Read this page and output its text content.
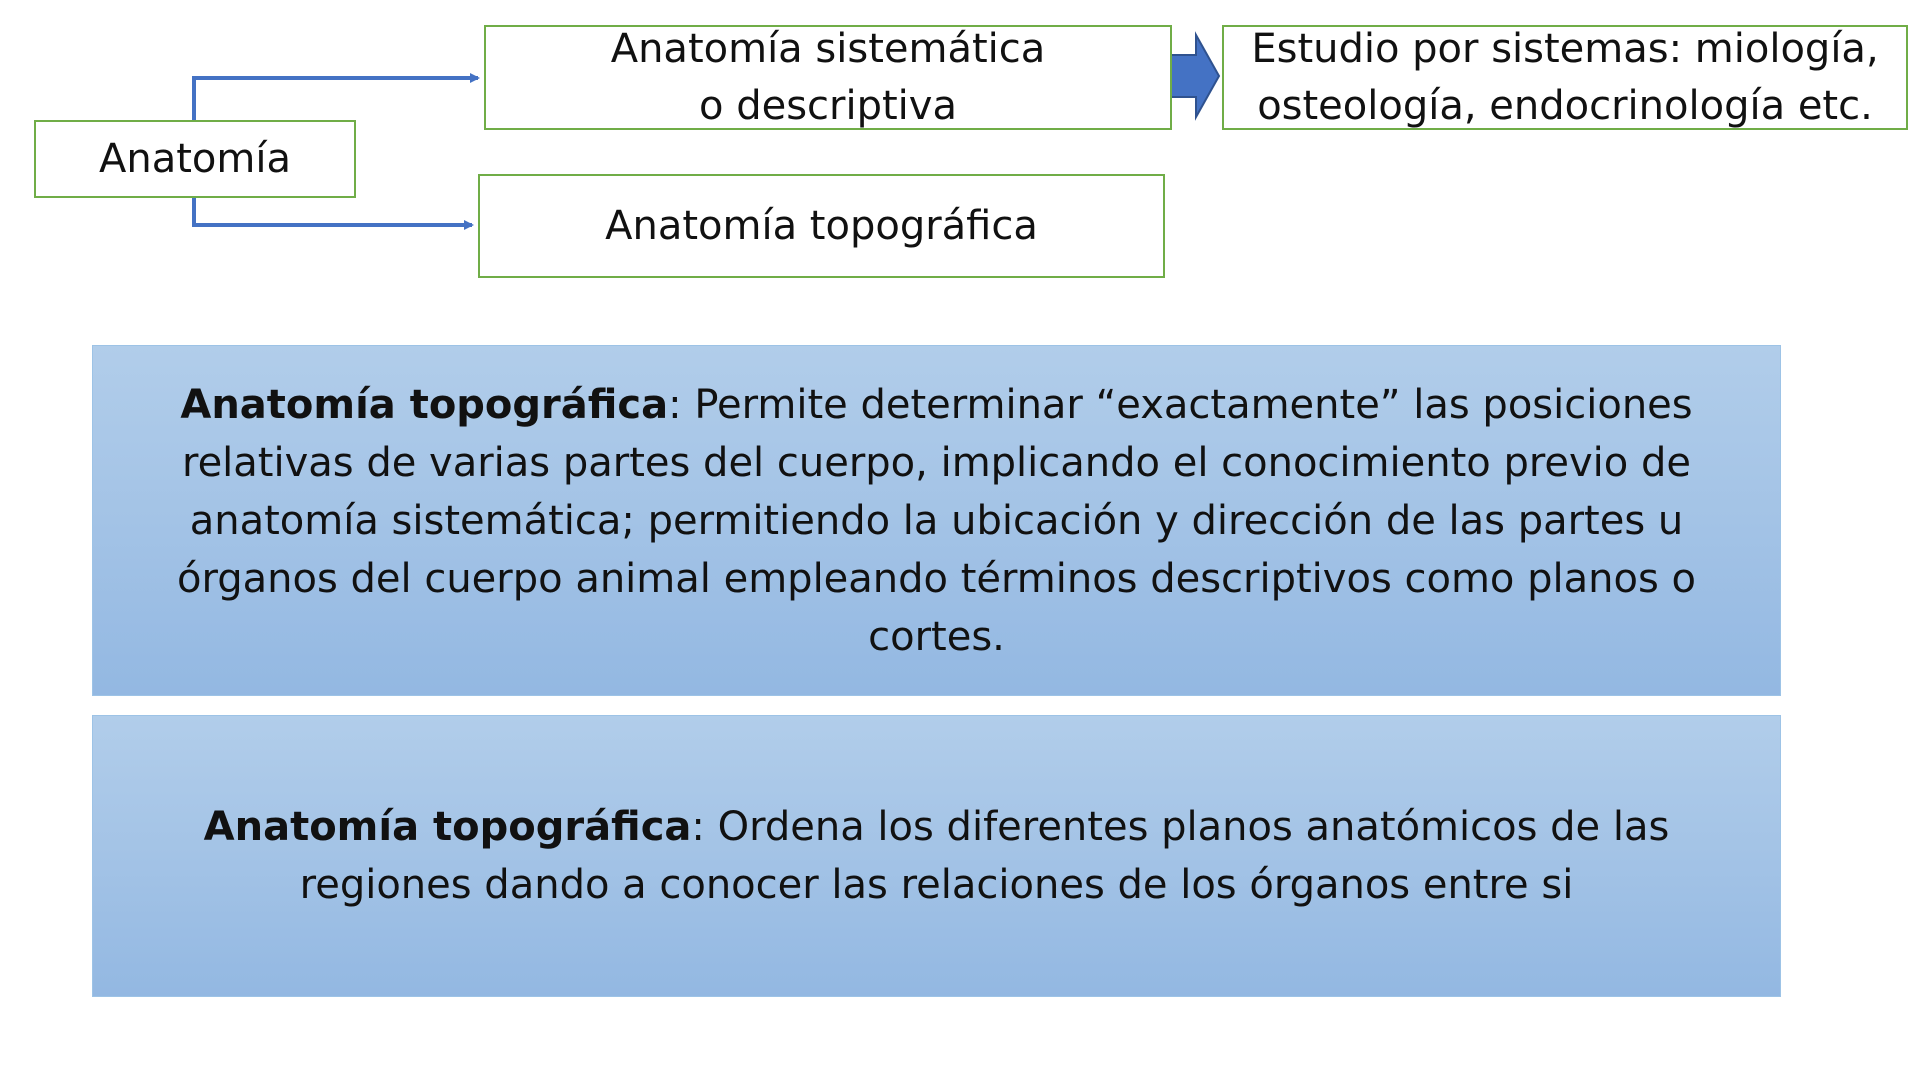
Anatomía
Anatomía sistemática o descriptiva
Estudio por sistemas: miología, osteología, endocrinología etc.
Anatomía topográfica
Anatomía topográfica: Permite determinar “exactamente” las posiciones relativas de varias partes del cuerpo, implicando el conocimiento previo de anatomía sistemática; permitiendo la ubicación y dirección de las partes u órganos del cuerpo animal empleando términos descriptivos como planos o cortes.
Anatomía topográfica: Ordena los diferentes planos anatómicos de las regiones dando a conocer las relaciones de los órganos entre si
